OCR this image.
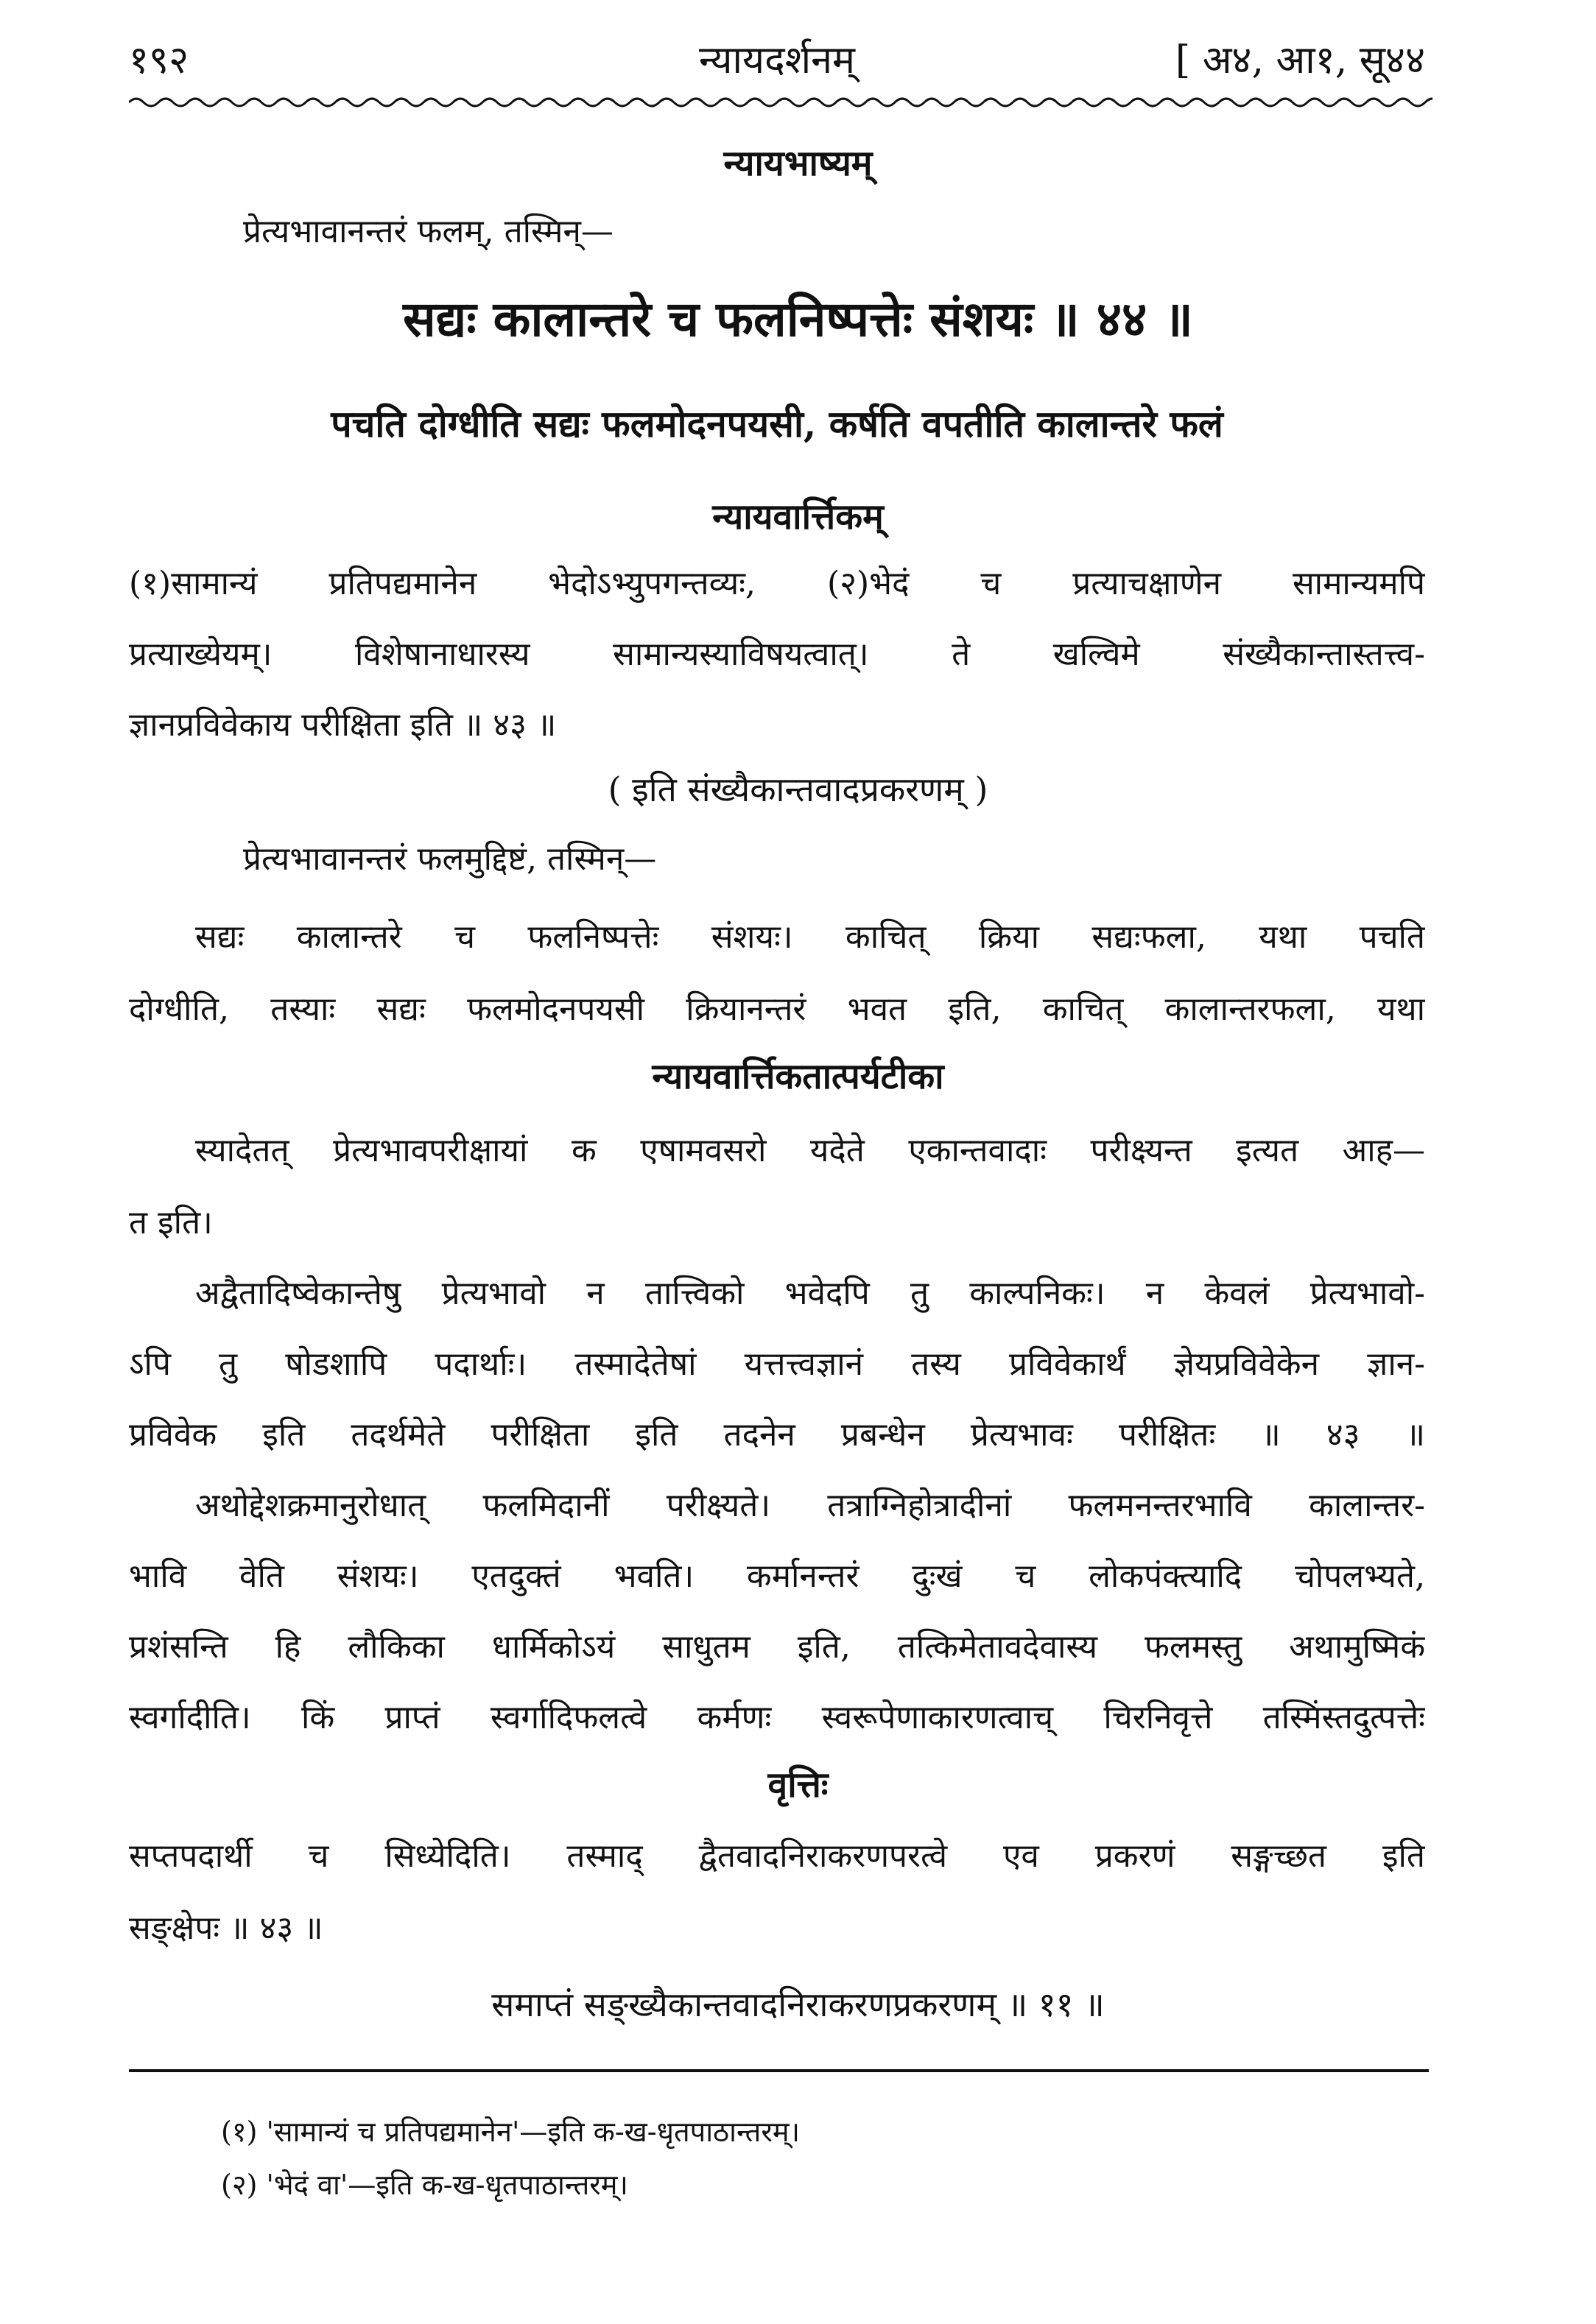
१९२	न्यायदर्शनम्	[ अ४, आ१, सू४४
न्यायभाष्यम्
प्रेत्यभावानन्तरं फलम्, तस्मिन्—
सद्यः कालान्तरे च फलनिष्पत्तेः संशयः ॥ ४४ ॥
पचति दोग्धीति सद्यः फलमोदनपयसी, कर्षति वपतीति कालान्तरे फलं
न्यायवार्त्तिकम्
(१)सामान्यं प्रतिपद्यमानेन भेदोऽभ्युपगन्तव्यः, (२)भेदं च प्रत्याचक्षाणेन सामान्यमपि
प्रत्याख्येयम्। विशेषानाधारस्य सामान्यस्याविषयत्वात्। ते खल्विमे संख्यैकान्तास्तत्त्व-
ज्ञानप्रविवेकाय परीक्षिता इति ॥ ४३ ॥
( इति संख्यैकान्तवादप्रकरणम् )
प्रेत्यभावानन्तरं फलमुद्दिष्टं, तस्मिन्—
सद्यः कालान्तरे च फलनिष्पत्तेः संशयः। काचित् क्रिया सद्यःफला, यथा पचति
दोग्धीति, तस्याः सद्यः फलमोदनपयसी क्रियानन्तरं भवत इति, काचित् कालान्तरफला, यथा
न्यायवार्त्तिकतात्पर्यटीका
स्यादेतत् प्रेत्यभावपरीक्षायां क एषामवसरो यदेते एकान्तवादाः परीक्ष्यन्त इत्यत आह—
त इति।
अद्वैतादिष्वेकान्तेषु प्रेत्यभावो न तात्त्विको भवेदपि तु काल्पनिकः। न केवलं प्रेत्यभावो-
ऽपि तु षोडशापि पदार्थाः। तस्मादेतेषां यत्तत्त्वज्ञानं तस्य प्रविवेकार्थं ज्ञेयप्रविवेकेन ज्ञान-
प्रविवेक इति तदर्थमेते परीक्षिता इति तदनेन प्रबन्धेन प्रेत्यभावः परीक्षितः ॥ ४३ ॥
अथोद्देशक्रमानुरोधात् फलमिदानीं परीक्ष्यते। तत्राग्निहोत्रादीनां फलमनन्तरभावि कालान्तर-
भावि वेति संशयः। एतदुक्तं भवति। कर्मानन्तरं दुःखं च लोकपंक्त्यादि चोपलभ्यते,
प्रशंसन्ति हि लौकिका धार्मिकोऽयं साधुतम इति, तत्किमेतावदेवास्य फलमस्तु अथामुष्मिकं
स्वर्गादीति। किं प्राप्तं स्वर्गादिफलत्वे कर्मणः स्वरूपेणाकारणत्वाच् चिरनिवृत्ते तस्मिंस्तदुत्पत्तेः
वृत्तिः
सप्तपदार्थी च सिध्येदिति। तस्माद् द्वैतवादनिराकरणपरत्वे एव प्रकरणं सङ्गच्छत इति
सङ्क्षेपः ॥ ४३ ॥
समाप्तं सङ्ख्यैकान्तवादनिराकरणप्रकरणम् ॥ ११ ॥
(१) 'सामान्यं च प्रतिपद्यमानेन'—इति क-ख-धृतपाठान्तरम्।
(२) 'भेदं वा'—इति क-ख-धृतपाठान्तरम्।
